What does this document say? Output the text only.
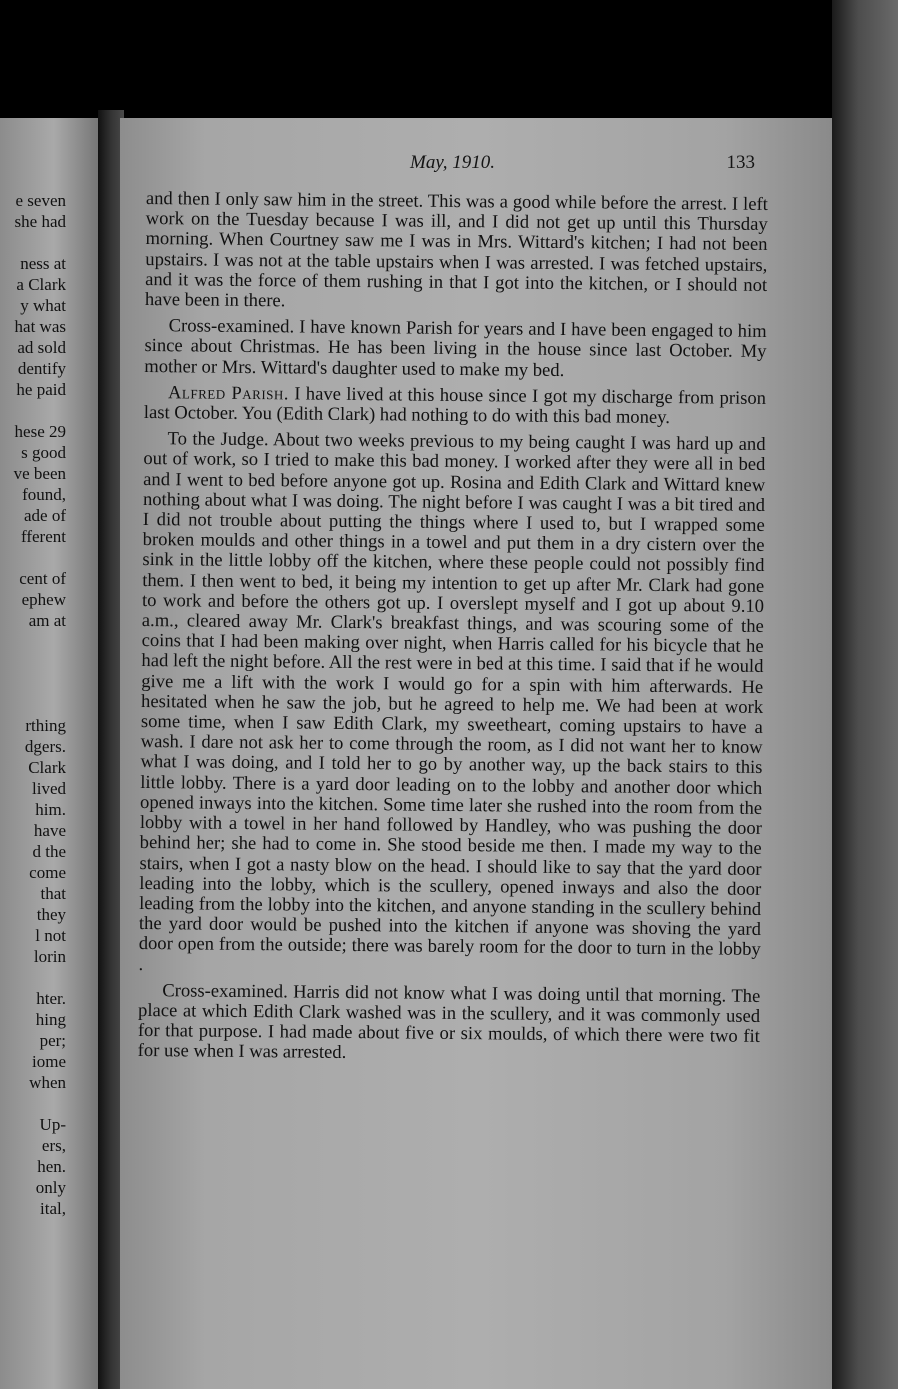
e seven
she had

ness at
a Clark
y what
hat was
ad sold
dentify
he paid

hese 29
s good
ve been
found,
ade of
fferent

cent of
ephew
am at

rthing
dgers.
Clark
lived
him.
have
d the
come
that
they
l not
lorin

hter.
hing
per;
iome
when

Up-
ers,
hen.
only
ital,
May, 1910.	133

and then I only saw him in the street. This was a good while before the arrest. I left work on the Tuesday because I was ill, and I did not get up until this Thursday morning. When Courtney saw me I was in Mrs. Wittard's kitchen; I had not been upstairs. I was not at the table upstairs when I was arrested. I was fetched upstairs, and it was the force of them rushing in that I got into the kitchen, or I should not have been in there.

Cross-examined. I have known Parish for years and I have been engaged to him since about Christmas. He has been living in the house since last October. My mother or Mrs. Wittard's daughter used to make my bed.

Alfred Parish. I have lived at this house since I got my discharge from prison last October. You (Edith Clark) had nothing to do with this bad money.

To the Judge. About two weeks previous to my being caught I was hard up and out of work, so I tried to make this bad money. I worked after they were all in bed and I went to bed before anyone got up. Rosina and Edith Clark and Wittard knew nothing about what I was doing. The night before I was caught I was a bit tired and I did not trouble about putting the things where I used to, but I wrapped some broken moulds and other things in a towel and put them in a dry cistern over the sink in the little lobby off the kitchen, where these people could not possibly find them. I then went to bed, it being my intention to get up after Mr. Clark had gone to work and before the others got up. I overslept myself and I got up about 9.10 a.m., cleared away Mr. Clark's breakfast things, and was scouring some of the coins that I had been making over night, when Harris called for his bicycle that he had left the night before. All the rest were in bed at this time. I said that if he would give me a lift with the work I would go for a spin with him afterwards. He hesitated when he saw the job, but he agreed to help me. We had been at work some time, when I saw Edith Clark, my sweetheart, coming upstairs to have a wash. I dare not ask her to come through the room, as I did not want her to know what I was doing, and I told her to go by another way, up the back stairs to this little lobby. There is a yard door leading on to the lobby and another door which opened inways into the kitchen. Some time later she rushed into the room from the lobby with a towel in her hand followed by Handley, who was pushing the door behind her; she had to come in. She stood beside me then. I made my way to the stairs, when I got a nasty blow on the head. I should like to say that the yard door leading into the lobby, which is the scullery, opened inways and also the door leading from the lobby into the kitchen, and anyone standing in the scullery behind the yard door would be pushed into the kitchen if anyone was shoving the yard door open from the outside; there was barely room for the door to turn in the lobby .

Cross-examined. Harris did not know what I was doing until that morning. The place at which Edith Clark washed was in the scullery, and it was commonly used for that purpose. I had made about five or six moulds, of which there were two fit for use when I was arrested.
